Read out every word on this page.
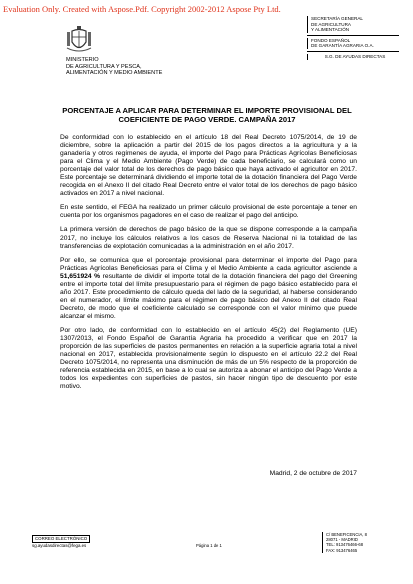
Evaluation Only. Created with Aspose.Pdf. Copyright 2002-2012 Aspose Pty Ltd.
MINISTERIO
DE AGRICULTURA Y PESCA,
ALIMENTACIÓN Y MEDIO AMBIENTE
SECRETARÍA GENERAL
DE AGRICULTURA
Y ALIMENTACIÓN
FONDO ESPAÑOL
DE GARANTÍA AGRARIA O.A.
S.G. DE AYUDAS DIRECTAS
PORCENTAJE A APLICAR PARA DETERMINAR EL IMPORTE PROVISIONAL DEL
COEFICIENTE DE PAGO VERDE. CAMPAÑA 2017

De conformidad con lo establecido en el artículo 18 del Real Decreto 1075/2014, de 19 de diciembre, sobre la aplicación a partir del 2015 de los pagos directos a la agricultura y a la ganadería y otros regímenes de ayuda, el importe del Pago para Prácticas Agrícolas Beneficiosas para el Clima y el Medio Ambiente (Pago Verde) de cada beneficiario, se calculará como un porcentaje del valor total de los derechos de pago básico que haya activado el agricultor en 2017. Este porcentaje se determinará dividiendo el importe total de la dotación financiera del Pago Verde recogida en el Anexo II del citado Real Decreto entre el valor total de los derechos de pago básico activados en 2017 a nivel nacional.

En este sentido, el FEGA ha realizado un primer cálculo provisional de este porcentaje a tener en cuenta por los organismos pagadores en el caso de realizar el pago del anticipo.

La primera versión de derechos de pago básico de la que se dispone corresponde a la campaña 2017, no incluye los cálculos relativos a los casos de Reserva Nacional ni la totalidad de las transferencias de explotación comunicadas a la administración en el año 2017.

Por ello, se comunica que el porcentaje provisional para determinar el importe del Pago para Prácticas Agrícolas Beneficiosas para el Clima y el Medio Ambiente a cada agricultor asciende a 51,651924 % resultante de dividir el importe total de la dotación financiera del pago del Greening entre el importe total del límite presupuestario para el régimen de pago básico establecido para el año 2017. Este procedimiento de cálculo queda del lado de la seguridad, al haberse considerando en el numerador, el límite máximo para el régimen de pago básico del Anexo II del citado Real Decreto, de modo que el coeficiente calculado se corresponde con el valor mínimo que puede alcanzar el mismo.

Por otro lado, de conformidad con lo establecido en el artículo 45(2) del Reglamento (UE) 1307/2013, el Fondo Español de Garantía Agraria ha procedido a verificar que en 2017 la proporción de las superficies de pastos permanentes en relación a la superficie agraria total a nivel nacional en 2017, establecida provisionalmente según lo dispuesto en el artículo 22.2 del Real Decreto 1075/2014, no representa una disminución de más de un 5% respecto de la proporción de referencia establecida en 2015, en base a lo cual se autoriza a abonar el anticipo del Pago Verde a todos los expedientes con superficies de pastos, sin hacer ningún tipo de descuento por este motivo.

Madrid, 2 de octubre de 2017
CORREO ELECTRÓNICO
sg.ayudasdirectas@fega.es	Página 1 de 1
C/ BENEFICENCIA, 8
28071 - MADRID
TEL: 913476466-68
FAX: 913476465
